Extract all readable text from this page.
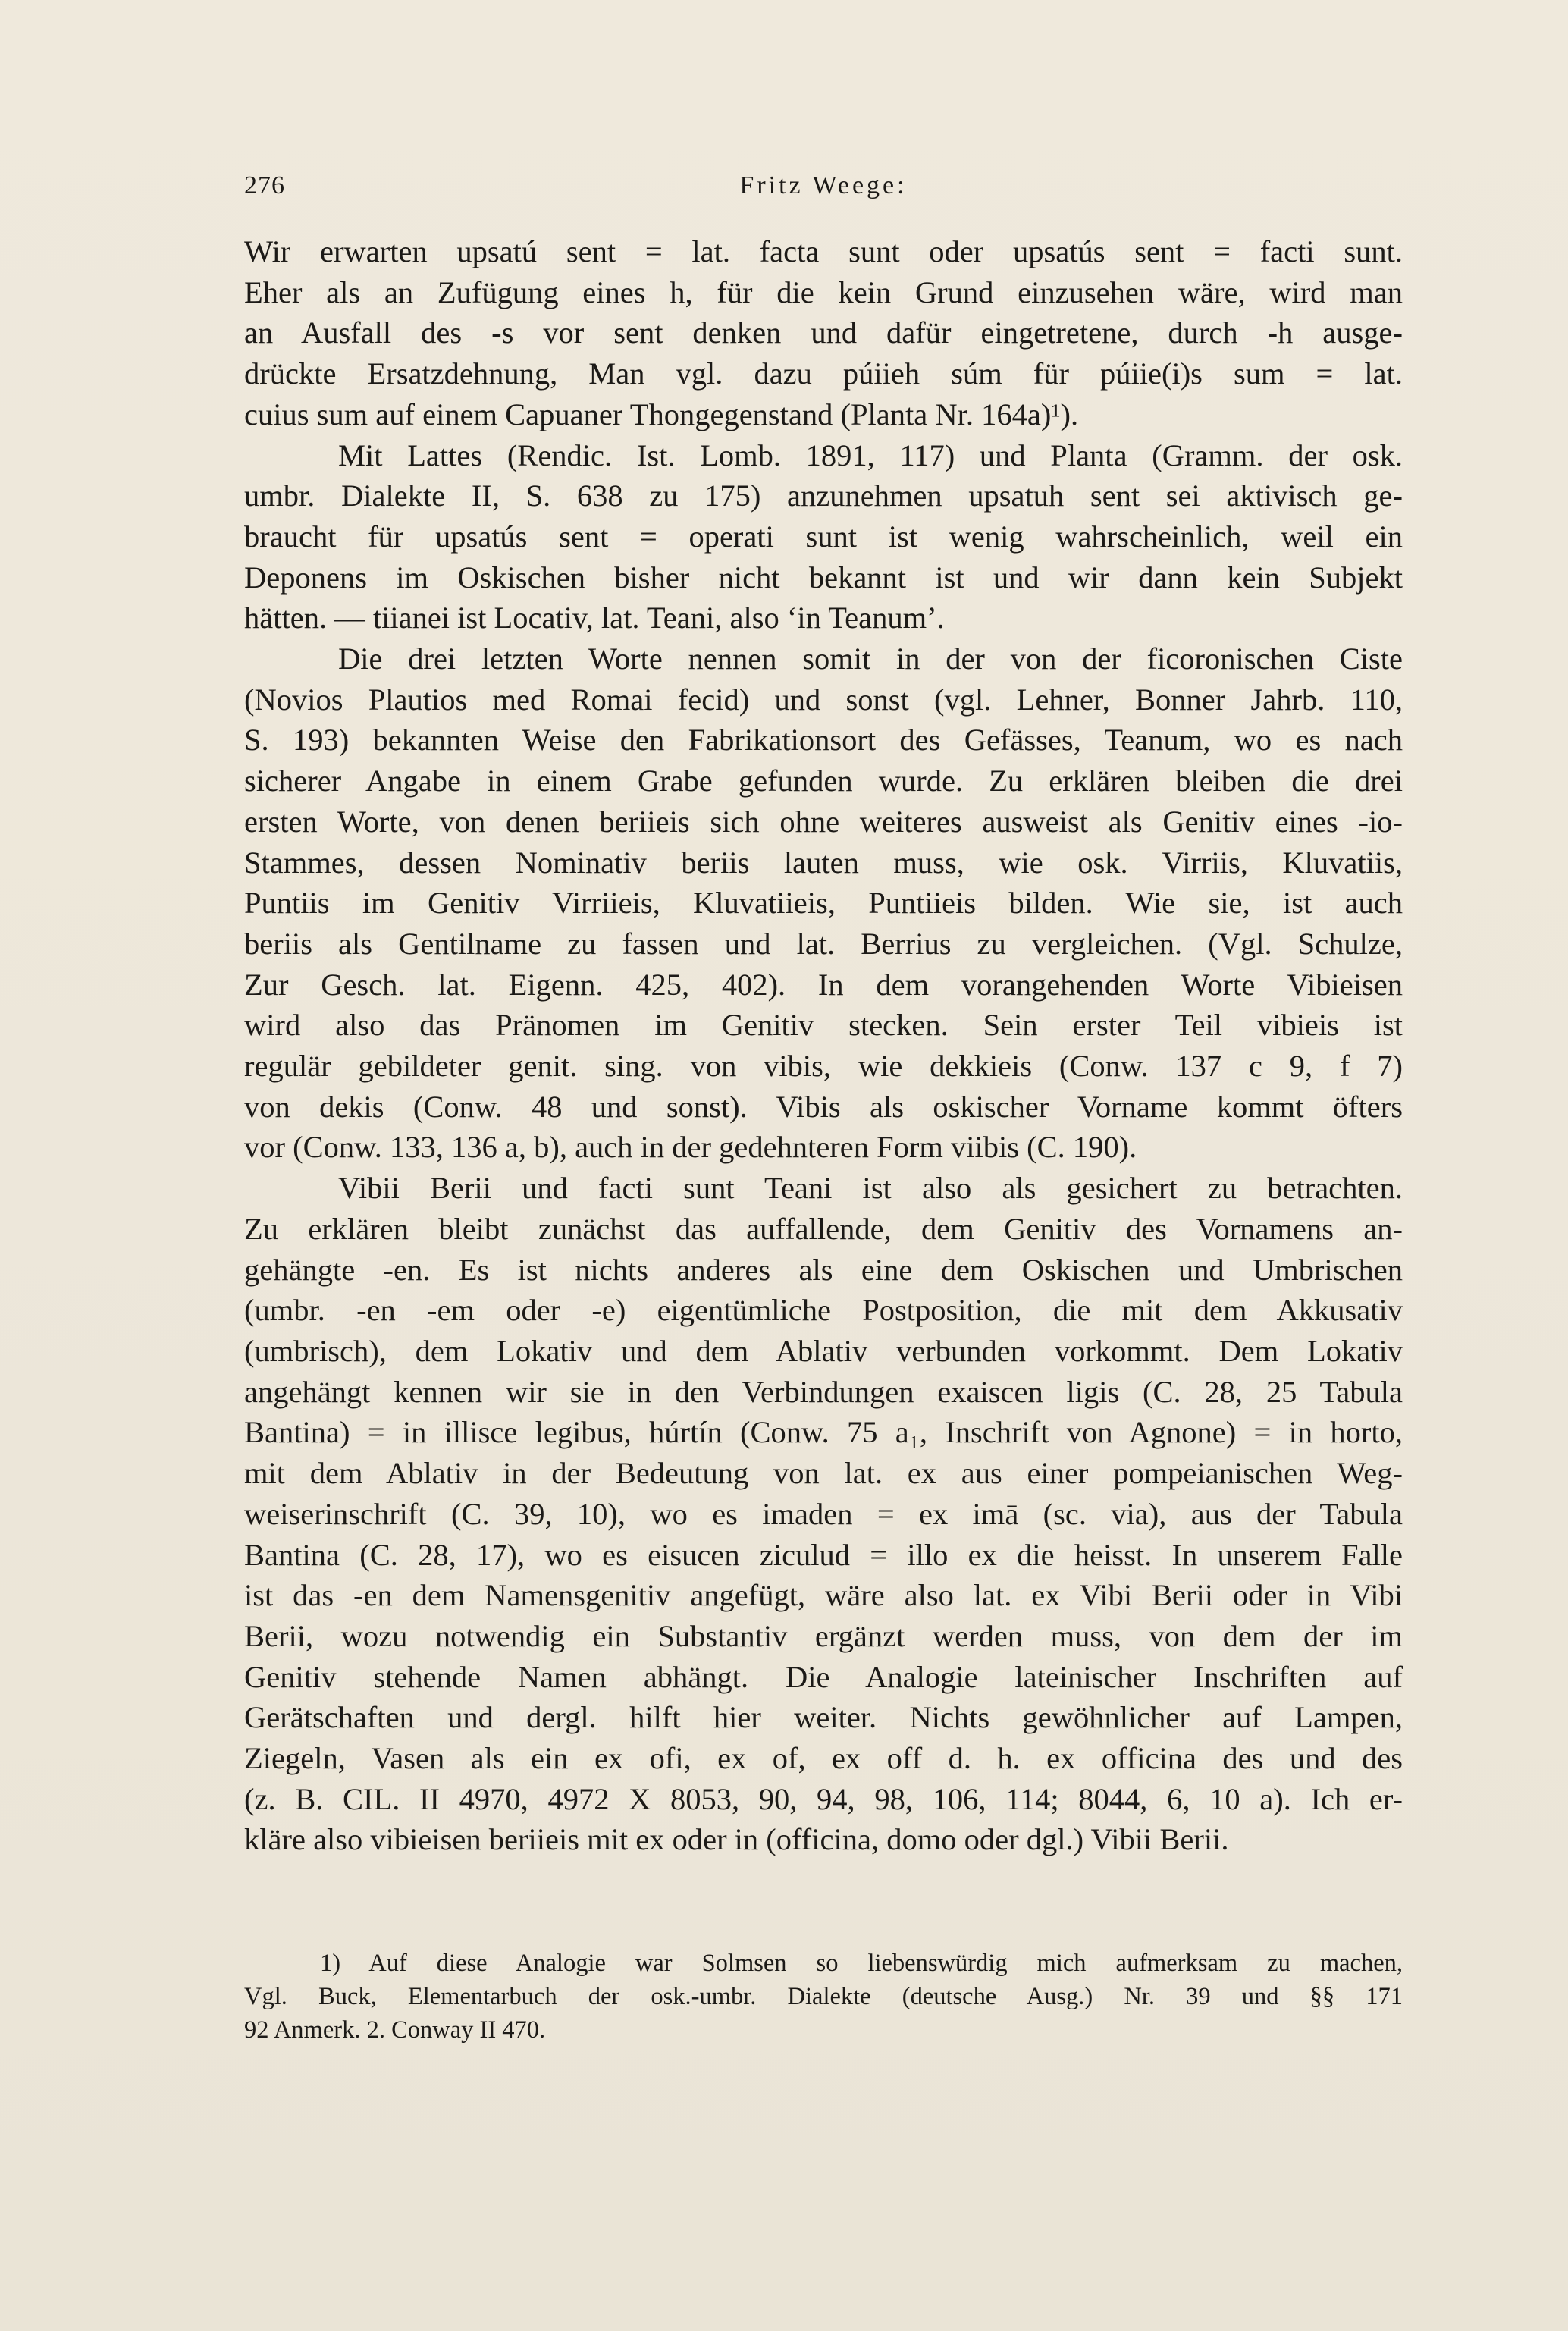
276	Fritz Weege:

Wir erwarten upsatú sent = lat. facta sunt oder upsatús sent = facti sunt.
Eher als an Zufügung eines h, für die kein Grund einzusehen wäre, wird man
an Ausfall des -s vor sent denken und dafür eingetretene, durch -h ausge-
drückte Ersatzdehnung, Man vgl. dazu púiieh súm für púiie(i)s sum = lat.
cuius sum auf einem Capuaner Thongegenstand (Planta Nr. 164a)¹).

Mit Lattes (Rendic. Ist. Lomb. 1891, 117) und Planta (Gramm. der osk.
umbr. Dialekte II, S. 638 zu 175) anzunehmen upsatuh sent sei aktivisch ge-
braucht für upsatús sent = operati sunt ist wenig wahrscheinlich, weil ein
Deponens im Oskischen bisher nicht bekannt ist und wir dann kein Subjekt
hätten. — tiianei ist Locativ, lat. Teani, also ‘in Teanum’.

Die drei letzten Worte nennen somit in der von der ficoronischen Ciste
(Novios Plautios med Romai fecid) und sonst (vgl. Lehner, Bonner Jahrb. 110,
S. 193) bekannten Weise den Fabrikationsort des Gefässes, Teanum, wo es nach
sicherer Angabe in einem Grabe gefunden wurde. Zu erklären bleiben die drei
ersten Worte, von denen beriieis sich ohne weiteres ausweist als Genitiv eines -io-
Stammes, dessen Nominativ beriis lauten muss, wie osk. Virriis, Kluvatiis,
Puntiis im Genitiv Virriieis, Kluvatiieis, Puntiieis bilden. Wie sie, ist auch
beriis als Gentilname zu fassen und lat. Berrius zu vergleichen. (Vgl. Schulze,
Zur Gesch. lat. Eigenn. 425, 402). In dem vorangehenden Worte Vibieisen
wird also das Pränomen im Genitiv stecken. Sein erster Teil vibieis ist
regulär gebildeter genit. sing. von vibis, wie dekkieis (Conw. 137 c 9, f 7)
von dekis (Conw. 48 und sonst). Vibis als oskischer Vorname kommt öfters
vor (Conw. 133, 136 a, b), auch in der gedehnteren Form viibis (C. 190).

Vibii Berii und facti sunt Teani ist also als gesichert zu betrachten.
Zu erklären bleibt zunächst das auffallende, dem Genitiv des Vornamens an-
gehängte -en. Es ist nichts anderes als eine dem Oskischen und Umbrischen
(umbr. -en -em oder -e) eigentümliche Postposition, die mit dem Akkusativ
(umbrisch), dem Lokativ und dem Ablativ verbunden vorkommt. Dem Lokativ
angehängt kennen wir sie in den Verbindungen exaiscen ligis (C. 28, 25 Tabula
Bantina) = in illisce legibus, húrtín (Conw. 75 a₁, Inschrift von Agnone) = in horto,
mit dem Ablativ in der Bedeutung von lat. ex aus einer pompeianischen Weg-
weiserinschrift (C. 39, 10), wo es imaden = ex imā (sc. via), aus der Tabula
Bantina (C. 28, 17), wo es eisucen ziculud = illo ex die heisst. In unserem Falle
ist das -en dem Namensgenitiv angefügt, wäre also lat. ex Vibi Berii oder in Vibi
Berii, wozu notwendig ein Substantiv ergänzt werden muss, von dem der im
Genitiv stehende Namen abhängt. Die Analogie lateinischer Inschriften auf
Gerätschaften und dergl. hilft hier weiter. Nichts gewöhnlicher auf Lampen,
Ziegeln, Vasen als ein ex ofi, ex of, ex off d. h. ex officina des und des
(z. B. CIL. II 4970, 4972 X 8053, 90, 94, 98, 106, 114; 8044, 6, 10 a). Ich er-
kläre also vibieisen beriieis mit ex oder in (officina, domo oder dgl.) Vibii Berii.

1) Auf diese Analogie war Solmsen so liebenswürdig mich aufmerksam zu machen,
Vgl. Buck, Elementarbuch der osk.-umbr. Dialekte (deutsche Ausg.) Nr. 39 und §§ 171
92 Anmerk. 2. Conway II 470.
